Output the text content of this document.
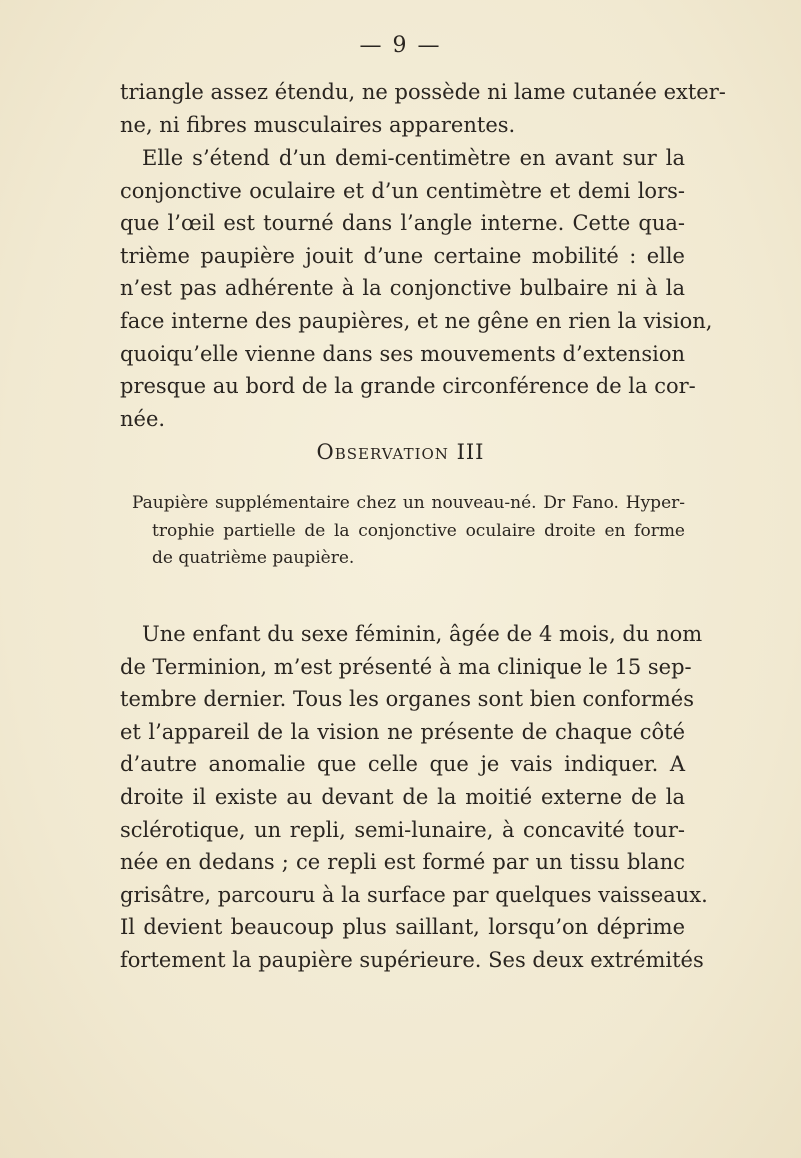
— 9 —
triangle assez étendu, ne possède ni lame cutanée exter-
ne, ni fibres musculaires apparentes.
Elle s’étend d’un demi-centimètre en avant sur la
conjonctive oculaire et d’un centimètre et demi lors-
que l’œil est tourné dans l’angle interne. Cette qua-
trième paupière jouit d’une certaine mobilité : elle
n’est pas adhérente à la conjonctive bulbaire ni à la
face interne des paupières, et ne gêne en rien la vision,
quoiqu’elle vienne dans ses mouvements d’extension
presque au bord de la grande circonférence de la cor-
née.
Observation III
Paupière supplémentaire chez un nouveau-né. Dr Fano. Hyper-
trophie partielle de la conjonctive oculaire droite en forme
de quatrième paupière.
Une enfant du sexe féminin, âgée de 4 mois, du nom
de Terminion, m’est présenté à ma clinique le 15 sep-
tembre dernier. Tous les organes sont bien conformés
et l’appareil de la vision ne présente de chaque côté
d’autre anomalie que celle que je vais indiquer. A
droite il existe au devant de la moitié externe de la
sclérotique, un repli, semi-lunaire, à concavité tour-
née en dedans ; ce repli est formé par un tissu blanc
grisâtre, parcouru à la surface par quelques vaisseaux.
Il devient beaucoup plus saillant, lorsqu’on déprime
fortement la paupière supérieure. Ses deux extrémités
